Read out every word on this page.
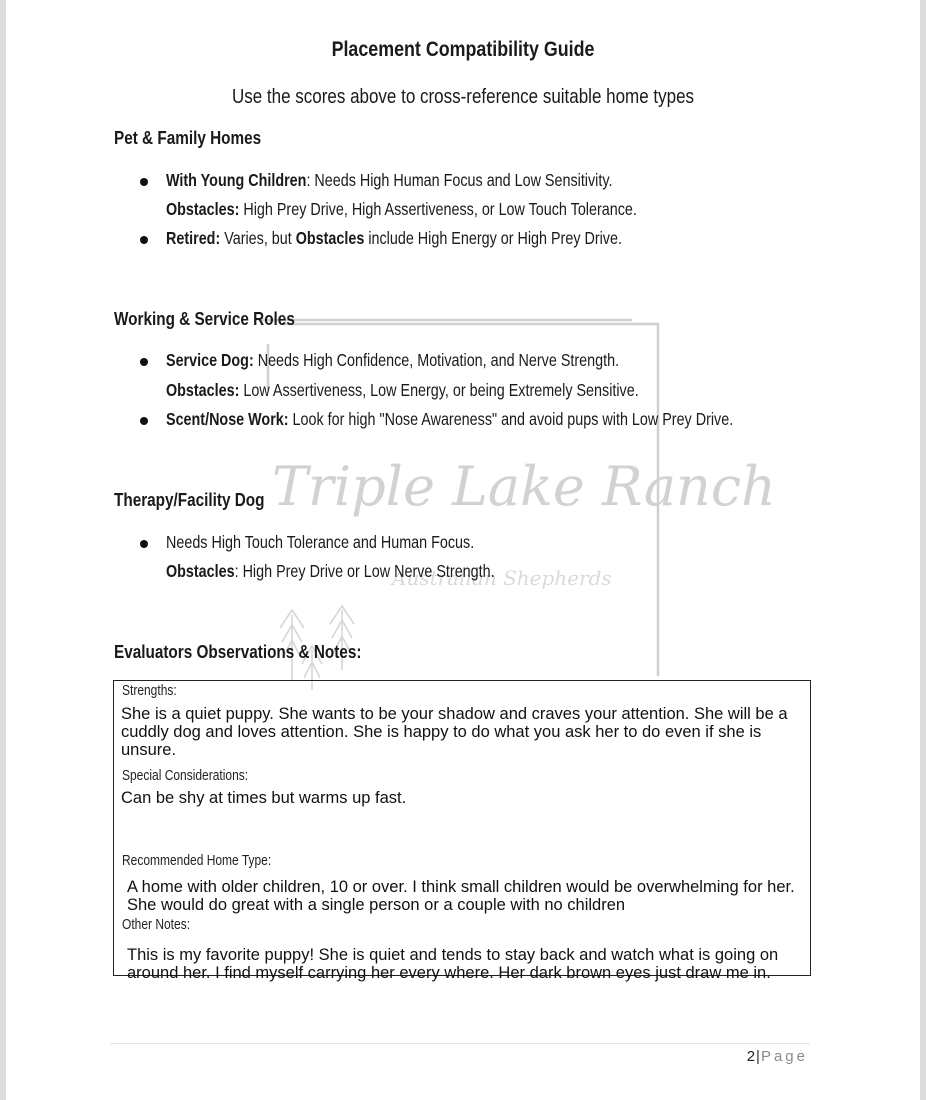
Triple Lake Ranch
Australian Shepherds
Placement Compatibility Guide
Use the scores above to cross-reference suitable home types
Pet & Family Homes
With Young Children: Needs High Human Focus and Low Sensitivity.
Obstacles: High Prey Drive, High Assertiveness, or Low Touch Tolerance.
Retired: Varies, but Obstacles include High Energy or High Prey Drive.
Working & Service Roles
Service Dog: Needs High Confidence, Motivation, and Nerve Strength.
Obstacles: Low Assertiveness, Low Energy, or being Extremely Sensitive.
Scent/Nose Work: Look for high "Nose Awareness" and avoid pups with Low Prey Drive.
Therapy/Facility Dog
Needs High Touch Tolerance and Human Focus.
Obstacles: High Prey Drive or Low Nerve Strength.
Evaluators Observations & Notes:
Strengths:
She is a quiet puppy. She wants to be your shadow and craves your attention. She will be a cuddly dog and loves attention. She is happy to do what you ask her to do even if she is unsure.
Special Considerations:
Can be shy at times but warms up fast.
Recommended Home Type:
A home with older children, 10 or over. I think small children would be overwhelming for her. She would do great with a single person or a couple with no children
Other Notes:
This is my favorite puppy! She is quiet and tends to stay back and watch what is going on around her. I find myself carrying her every where. Her dark brown eyes just draw me in.
2|Page
